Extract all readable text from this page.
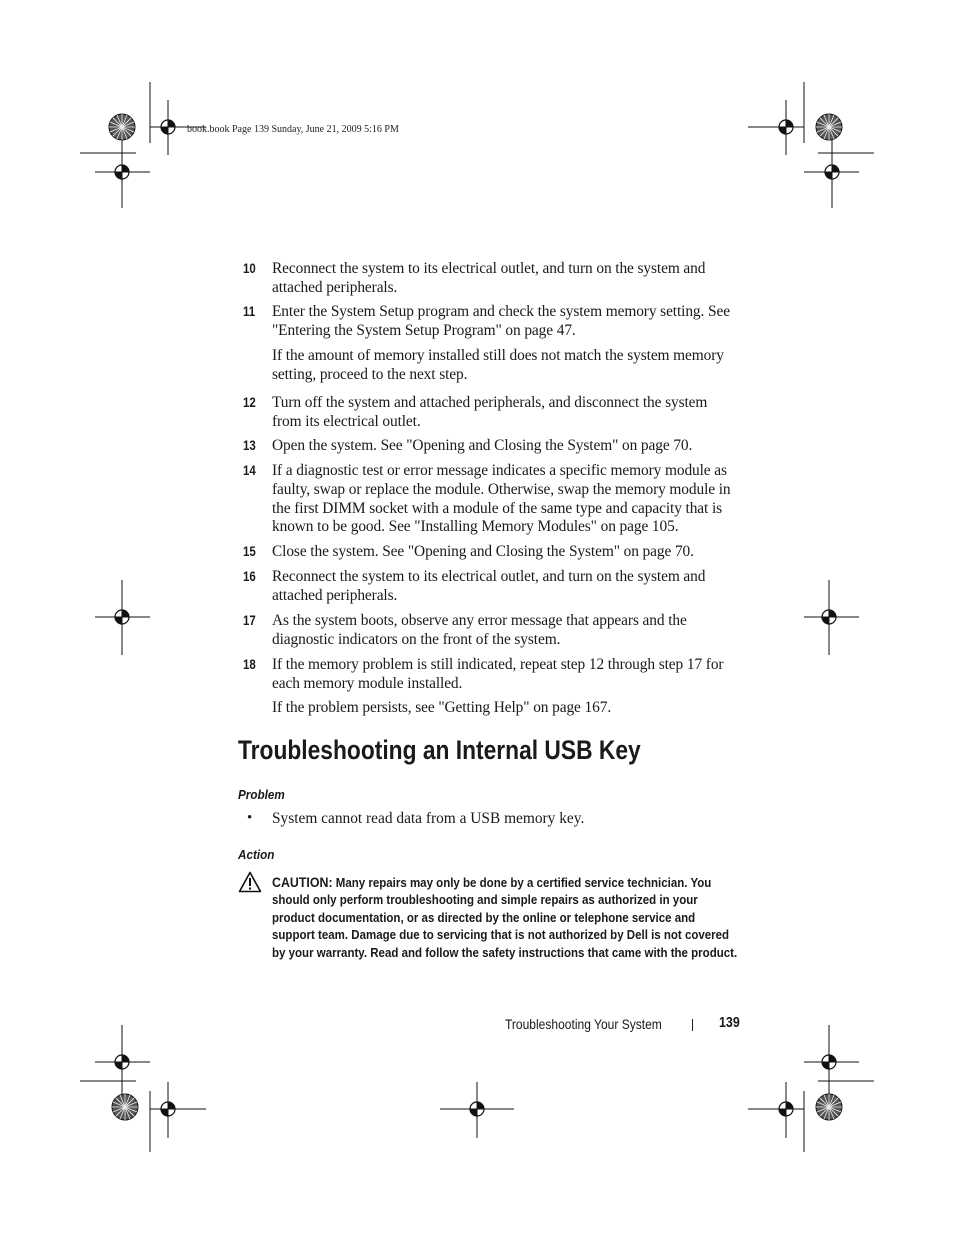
book.book Page 139 Sunday, June 21, 2009 5:16 PM
10 Reconnect the system to its electrical outlet, and turn on the system and attached peripherals.
11 Enter the System Setup program and check the system memory setting. See "Entering the System Setup Program" on page 47.
If the amount of memory installed still does not match the system memory setting, proceed to the next step.
12 Turn off the system and attached peripherals, and disconnect the system from its electrical outlet.
13 Open the system. See "Opening and Closing the System" on page 70.
14 If a diagnostic test or error message indicates a specific memory module as faulty, swap or replace the module. Otherwise, swap the memory module in the first DIMM socket with a module of the same type and capacity that is known to be good. See "Installing Memory Modules" on page 105.
15 Close the system. See "Opening and Closing the System" on page 70.
16 Reconnect the system to its electrical outlet, and turn on the system and attached peripherals.
17 As the system boots, observe any error message that appears and the diagnostic indicators on the front of the system.
18 If the memory problem is still indicated, repeat step 12 through step 17 for each memory module installed.
If the problem persists, see "Getting Help" on page 167.
Troubleshooting an Internal USB Key
Problem
• System cannot read data from a USB memory key.
Action
CAUTION: Many repairs may only be done by a certified service technician. You should only perform troubleshooting and simple repairs as authorized in your product documentation, or as directed by the online or telephone service and support team. Damage due to servicing that is not authorized by Dell is not covered by your warranty. Read and follow the safety instructions that came with the product.
Troubleshooting Your System	139
